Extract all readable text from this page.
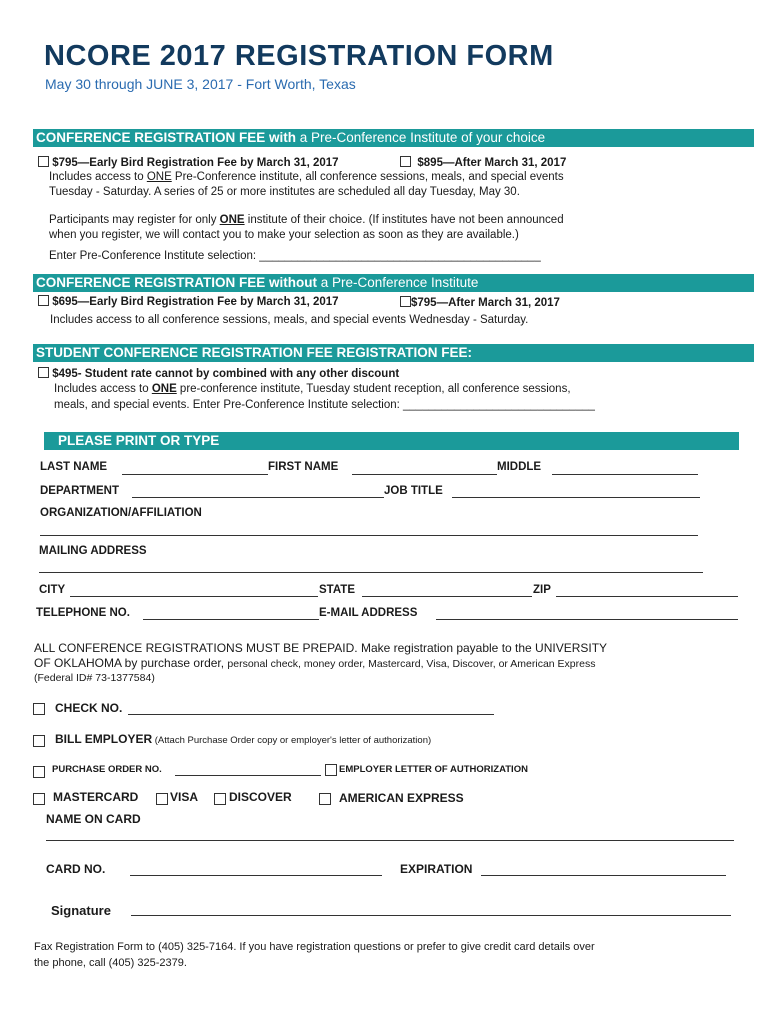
NCORE 2017 REGISTRATION FORM
May 30 through JUNE 3, 2017 - Fort Worth, Texas
CONFERENCE REGISTRATION FEE with a Pre-Conference Institute of your choice
$795—Early Bird Registration Fee by March 31, 2017	$895—After March 31, 2017
Includes access to ONE Pre-Conference institute, all conference sessions, meals, and special events
Tuesday - Saturday. A series of 25 or more institutes are scheduled all day Tuesday, May 30.
Participants may register for only ONE institute of their choice. (If institutes have not been announced
when you register, we will contact you to make your selection as soon as they are available.)
Enter Pre-Conference Institute selection: ____________________________________________
CONFERENCE REGISTRATION FEE without a Pre-Conference Institute
$695—Early Bird Registration Fee by March 31, 2017	$795—After March 31, 2017
Includes access to all conference sessions, meals, and special events Wednesday - Saturday.
STUDENT CONFERENCE REGISTRATION FEE REGISTRATION FEE:
$495- Student rate cannot by combined with any other discount
Includes access to ONE pre-conference institute, Tuesday student reception, all conference sessions,
meals, and special events. Enter Pre-Conference Institute selection: ______________________________
PLEASE PRINT OR TYPE
LAST NAME	FIRST NAME	MIDDLE
DEPARTMENT	JOB TITLE
ORGANIZATION/AFFILIATION
MAILING ADDRESS
CITY	STATE	ZIP
TELEPHONE NO.	E-MAIL ADDRESS
ALL CONFERENCE REGISTRATIONS MUST BE PREPAID. Make registration payable to the UNIVERSITY
OF OKLAHOMA by purchase order, personal check, money order, Mastercard, Visa, Discover, or American Express
(Federal ID# 73-1377584)
CHECK NO.
BILL EMPLOYER (Attach Purchase Order copy or employer's letter of authorization)
PURCHASE ORDER NO.	EMPLOYER LETTER OF AUTHORIZATION
MASTERCARD	VISA	DISCOVER	AMERICAN EXPRESS
NAME ON CARD
CARD NO.	EXPIRATION
Signature
Fax Registration Form to (405) 325-7164. If you have registration questions or prefer to give credit card details over
the phone, call (405) 325-2379.
